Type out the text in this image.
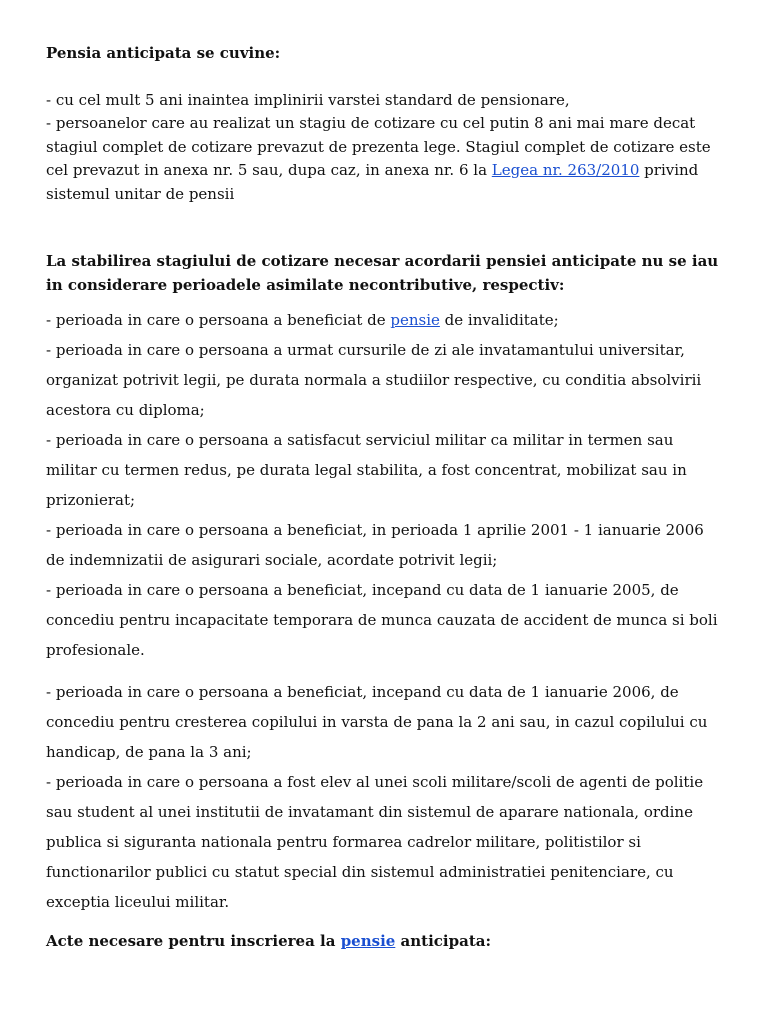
Pensia anticipata se cuvine:

- cu cel mult 5 ani inaintea implinirii varstei standard de pensionare,

- persoanelor care au realizat un stagiu de cotizare cu cel putin 8 ani mai mare decat stagiul complet de cotizare prevazut de prezenta lege. Stagiul complet de cotizare este cel prevazut in anexa nr. 5 sau, dupa caz, in anexa nr. 6 la Legea nr. 263/2010 privind sistemul unitar de pensii

La stabilirea stagiului de cotizare necesar acordarii pensiei anticipate nu se iau in considerare perioadele asimilate necontributive, respectiv:

- perioada in care o persoana a beneficiat de pensie de invaliditate;

- perioada in care o persoana a urmat cursurile de zi ale invatamantului universitar, organizat potrivit legii, pe durata normala a studiilor respective, cu conditia absolvirii acestora cu diploma;

- perioada in care o persoana a satisfacut serviciul militar ca militar in termen sau militar cu termen redus, pe durata legal stabilita, a fost concentrat, mobilizat sau in prizonierat;

- perioada in care o persoana a beneficiat, in perioada 1 aprilie 2001 - 1 ianuarie 2006 de indemnizatii de asigurari sociale, acordate potrivit legii;

- perioada in care o persoana a beneficiat, incepand cu data de 1 ianuarie 2005, de concediu pentru incapacitate temporara de munca cauzata de accident de munca si boli profesionale.

- perioada in care o persoana a beneficiat, incepand cu data de 1 ianuarie 2006, de concediu pentru cresterea copilului in varsta de pana la 2 ani sau, in cazul copilului cu handicap, de pana la 3 ani;

- perioada in care o persoana a fost elev al unei scoli militare/scoli de agenti de politie sau student al unei institutii de invatamant din sistemul de aparare nationala, ordine publica si siguranta nationala pentru formarea cadrelor militare, politistilor si functionarilor publici cu statut special din sistemul administratiei penitenciare, cu exceptia liceului militar.

Acte necesare pentru inscrierea la pensie anticipata:
